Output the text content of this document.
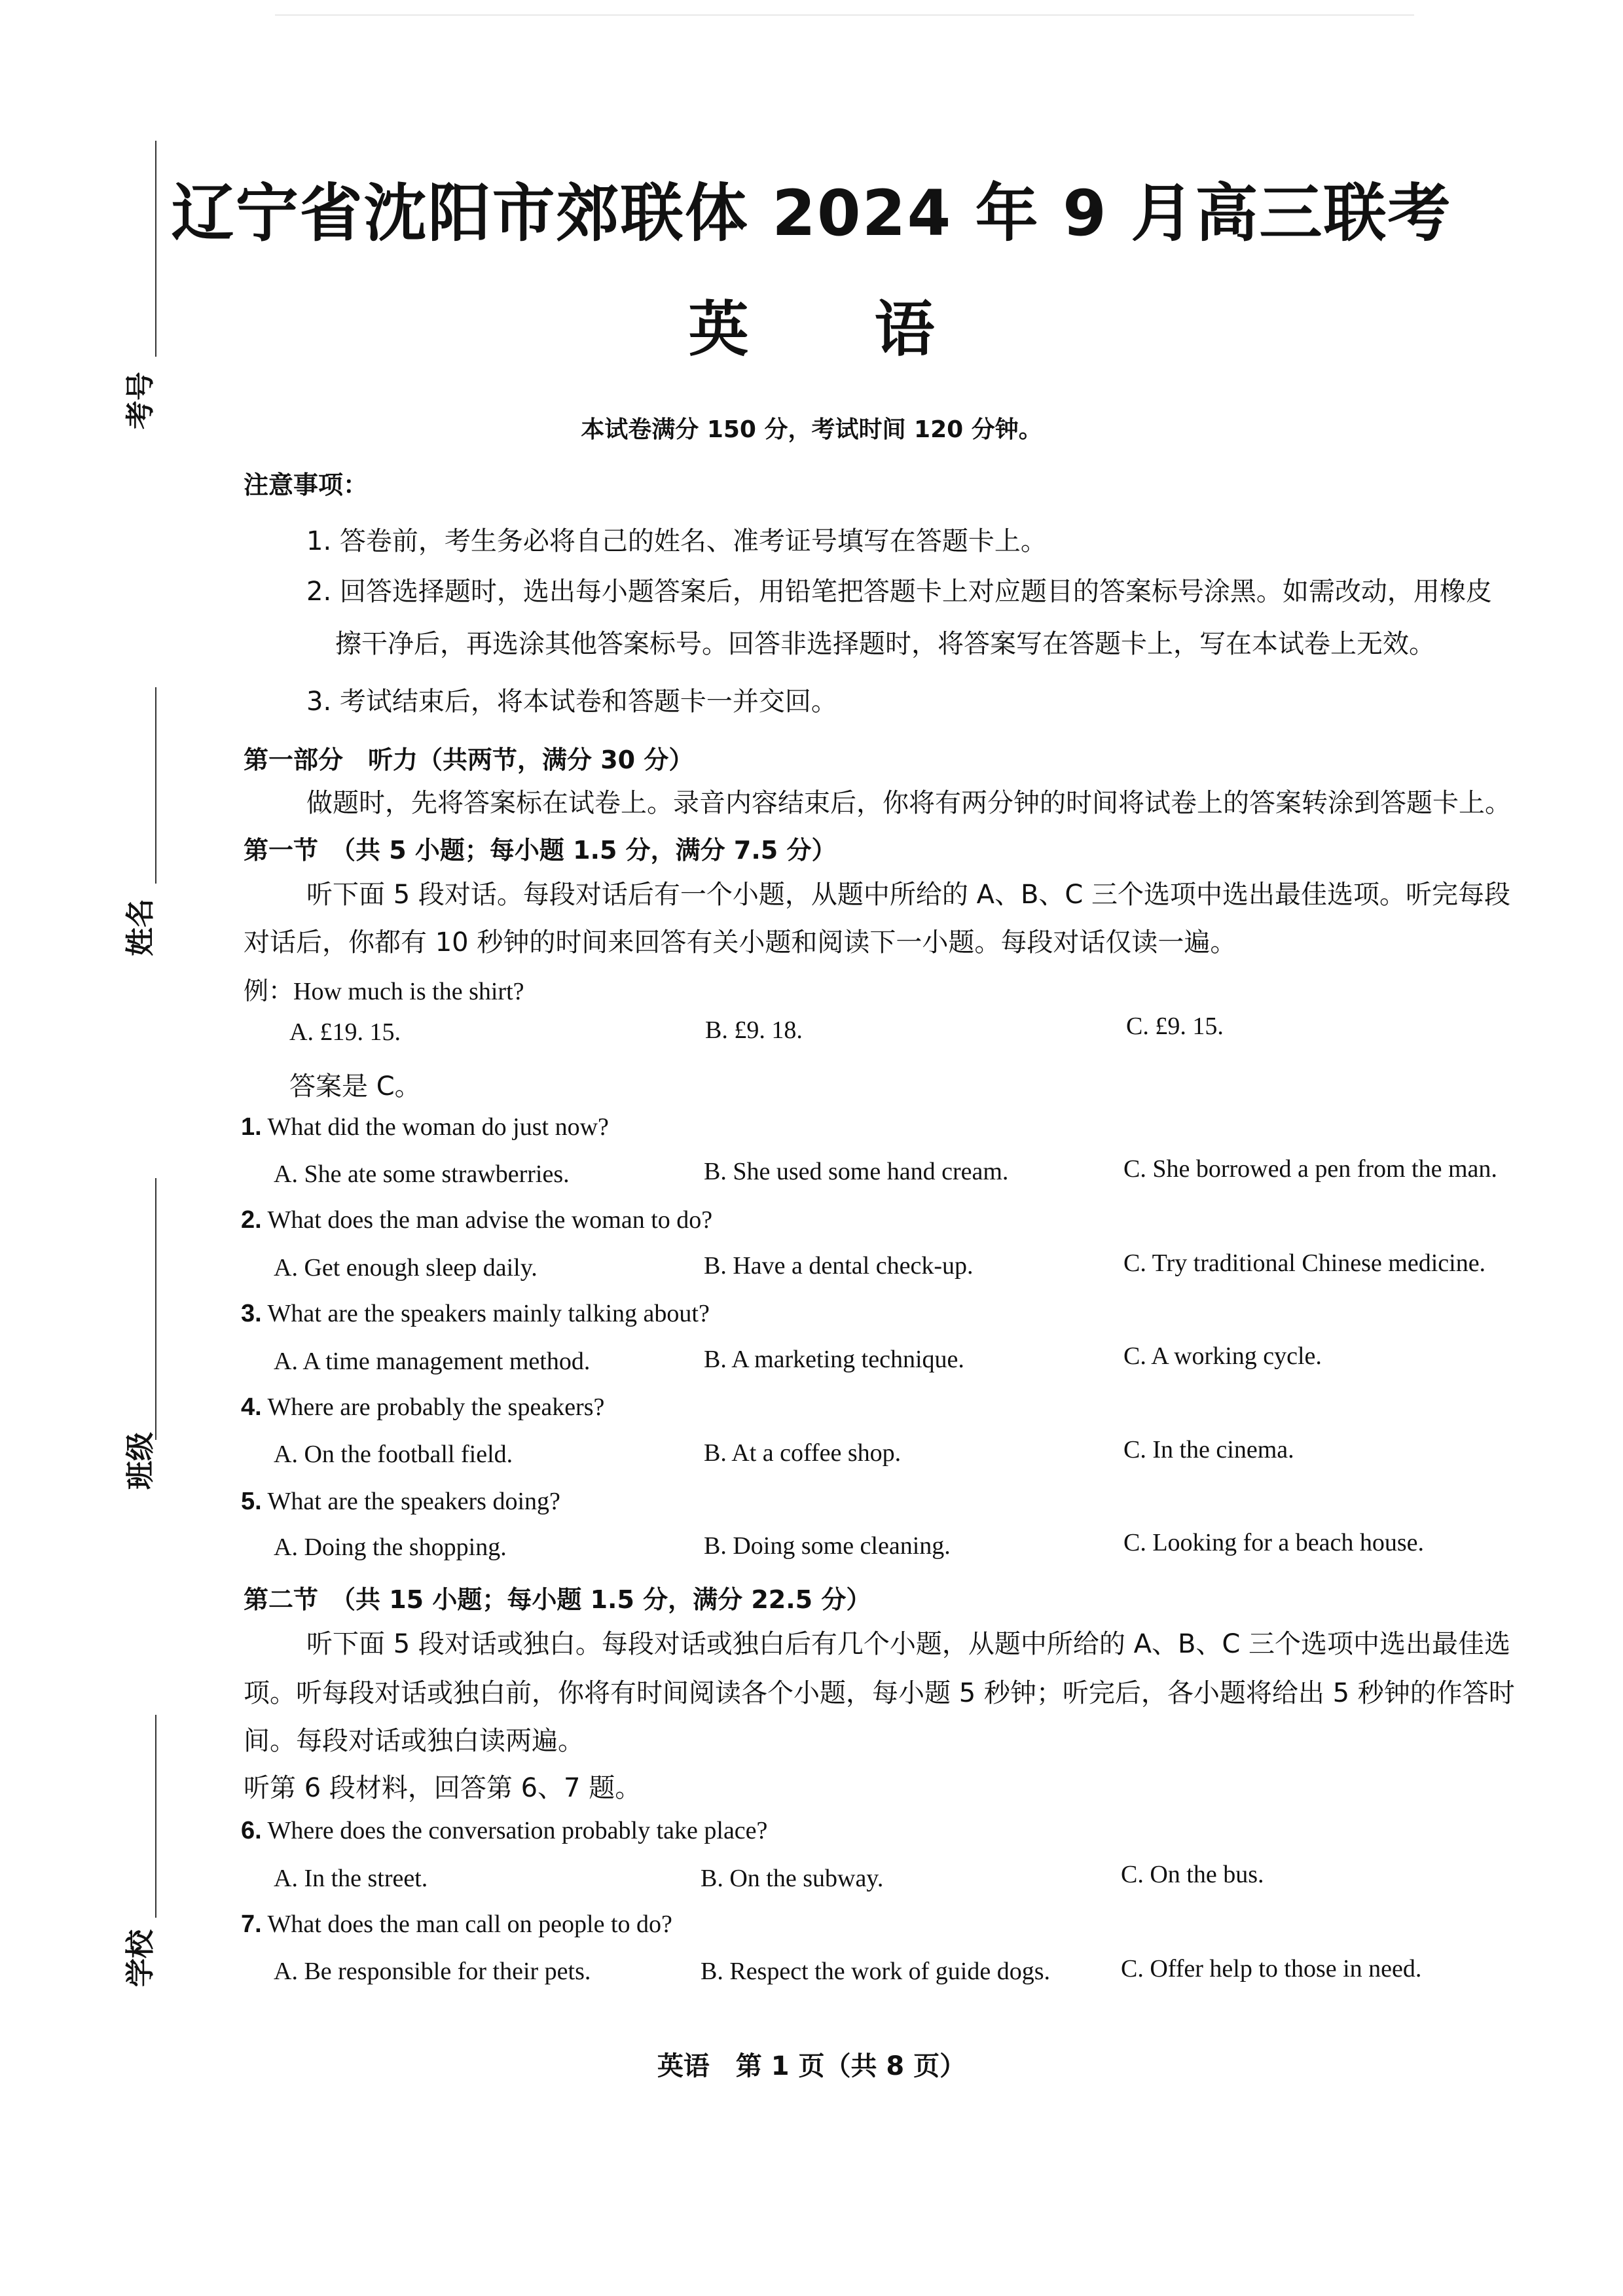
考号
姓名
班级
学校
辽宁省沈阳市郊联体 2024 年 9 月高三联考
英 语
本试卷满分 150 分，考试时间 120 分钟。
注意事项：
1. 答卷前，考生务必将自己的姓名、准考证号填写在答题卡上。
2. 回答选择题时，选出每小题答案后，用铅笔把答题卡上对应题目的答案标号涂黑。如需改动，用橡皮
擦干净后，再选涂其他答案标号。回答非选择题时，将答案写在答题卡上，写在本试卷上无效。
3. 考试结束后，将本试卷和答题卡一并交回。
第一部分　听力（共两节，满分 30 分）
做题时，先将答案标在试卷上。录音内容结束后，你将有两分钟的时间将试卷上的答案转涂到答题卡上。
第一节　（共 5 小题；每小题 1.5 分，满分 7.5 分）
听下面 5 段对话。每段对话后有一个小题，从题中所给的 A、B、C 三个选项中选出最佳选项。听完每段
对话后，你都有 10 秒钟的时间来回答有关小题和阅读下一小题。每段对话仅读一遍。
例：How much is the shirt?
A. £19. 15.	B. £9. 18.	C. £9. 15.
答案是 C。
1. What did the woman do just now?
A. She ate some strawberries.	B. She used some hand cream.	C. She borrowed a pen from the man.
2. What does the man advise the woman to do?
A. Get enough sleep daily.	B. Have a dental check-up.	C. Try traditional Chinese medicine.
3. What are the speakers mainly talking about?
A. A time management method.	B. A marketing technique.	C. A working cycle.
4. Where are probably the speakers?
A. On the football field.	B. At a coffee shop.	C. In the cinema.
5. What are the speakers doing?
A. Doing the shopping.	B. Doing some cleaning.	C. Looking for a beach house.
第二节　（共 15 小题；每小题 1.5 分，满分 22.5 分）
听下面 5 段对话或独白。每段对话或独白后有几个小题，从题中所给的 A、B、C 三个选项中选出最佳选
项。听每段对话或独白前，你将有时间阅读各个小题，每小题 5 秒钟；听完后，各小题将给出 5 秒钟的作答时
间。每段对话或独白读两遍。
听第 6 段材料，回答第 6、7 题。
6. Where does the conversation probably take place?
A. In the street.	B. On the subway.	C. On the bus.
7. What does the man call on people to do?
A. Be responsible for their pets.	B. Respect the work of guide dogs.	C. Offer help to those in need.
英语　第 1 页（共 8 页）
